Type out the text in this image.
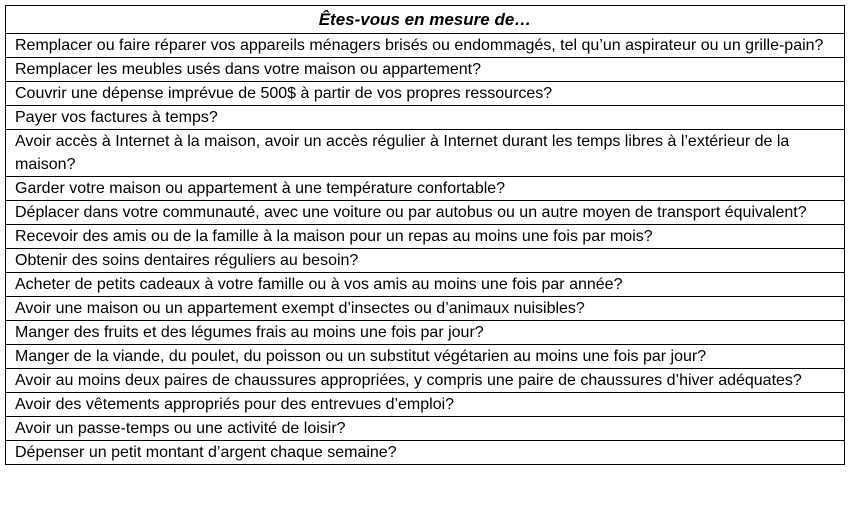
Êtes-vous en mesure de…
Remplacer ou faire réparer vos appareils ménagers brisés ou endommagés, tel qu’un aspirateur ou un grille-pain?
Remplacer les meubles usés dans votre maison ou appartement?
Couvrir une dépense imprévue de 500$ à partir de vos propres ressources?
Payer vos factures à temps?
Avoir accès à Internet à la maison, avoir un accès régulier à Internet durant les temps libres à l’extérieur de la maison?
Garder votre maison ou appartement à une température confortable?
Déplacer dans votre communauté, avec une voiture ou par autobus ou un autre moyen de transport équivalent?
Recevoir des amis ou de la famille à la maison pour un repas au moins une fois par mois?
Obtenir des soins dentaires réguliers au besoin?
Acheter de petits cadeaux à votre famille ou à vos amis au moins une fois par année?
Avoir une maison ou un appartement exempt d’insectes ou d’animaux nuisibles?
Manger des fruits et des légumes frais au moins une fois par jour?
Manger de la viande, du poulet, du poisson ou un substitut végétarien au moins une fois par jour?
Avoir au moins deux paires de chaussures appropriées, y compris une paire de chaussures d’hiver adéquates?
Avoir des vêtements appropriés pour des entrevues d’emploi?
Avoir un passe-temps ou une activité de loisir?
Dépenser un petit montant d’argent chaque semaine?
